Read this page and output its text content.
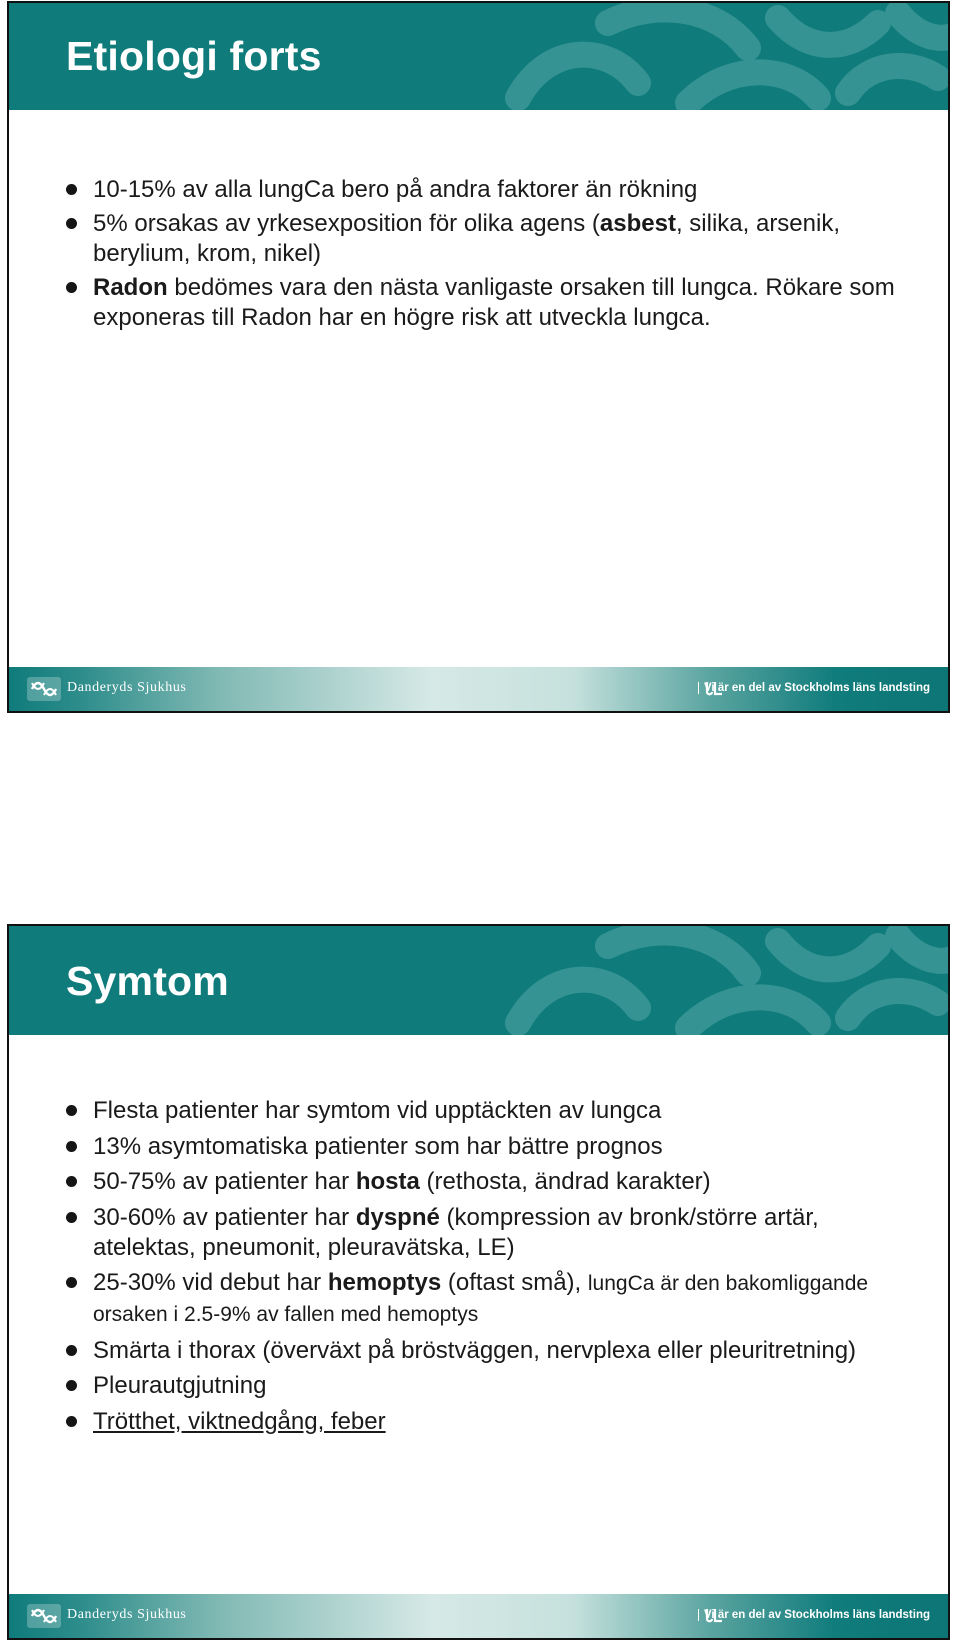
Etiologi forts
10-15% av alla lungCa bero på andra faktorer än rökning
5% orsakas av yrkesexposition för olika agens (asbest, silika, arsenik, berylium, krom, nikel)
Radon bedömes vara den nästa vanligaste orsaken till lungca. Rökare som exponeras till Radon har en högre risk att utveckla lungca.
Danderyds Sjukhus	Vi är en del av Stockholms läns landsting
Symtom
Flesta patienter har symtom vid upptäckten av lungca
13% asymtomatiska patienter som har bättre prognos
50-75% av patienter har hosta (rethosta, ändrad karakter)
30-60% av patienter har dyspné (kompression av bronk/större artär, atelektas, pneumonit, pleuravätska, LE)
25-30% vid debut har hemoptys (oftast små), lungCa är den bakomliggande orsaken i 2.5-9% av fallen med hemoptys
Smärta i thorax (överväxt på bröstväggen, nervplexa eller pleuritretning)
Pleurautgjutning
Trötthet, viktnedgång, feber
Danderyds Sjukhus	Vi är en del av Stockholms läns landsting
